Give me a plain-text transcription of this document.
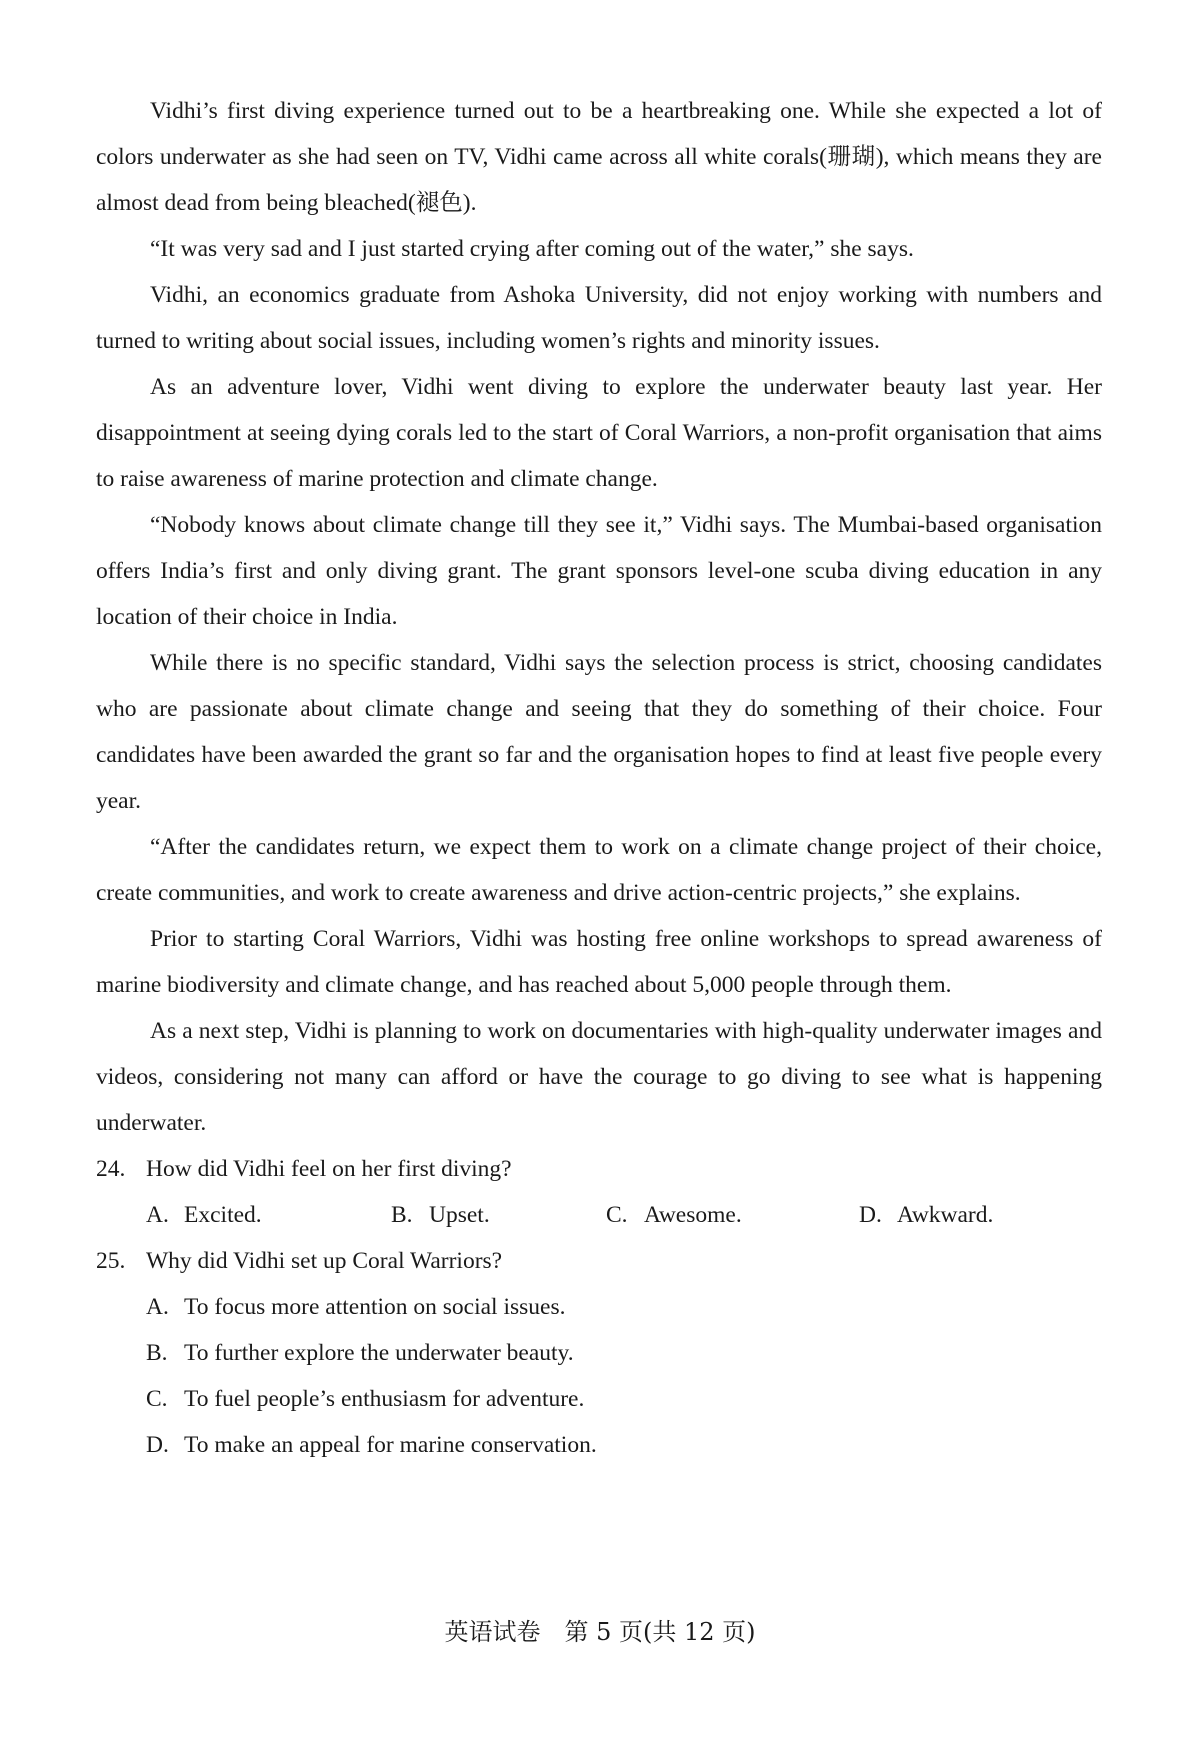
Vidhi’s first diving experience turned out to be a heartbreaking one. While she expected a lot of colors underwater as she had seen on TV, Vidhi came across all white corals(珊瑚), which means they are almost dead from being bleached(褪色).

“It was very sad and I just started crying after coming out of the water,” she says.

Vidhi, an economics graduate from Ashoka University, did not enjoy working with numbers and turned to writing about social issues, including women’s rights and minority issues.

As an adventure lover, Vidhi went diving to explore the underwater beauty last year. Her disappointment at seeing dying corals led to the start of Coral Warriors, a non-profit organisation that aims to raise awareness of marine protection and climate change.

“Nobody knows about climate change till they see it,” Vidhi says. The Mumbai-based organisation offers India’s first and only diving grant. The grant sponsors level-one scuba diving education in any location of their choice in India.

While there is no specific standard, Vidhi says the selection process is strict, choosing candidates who are passionate about climate change and seeing that they do something of their choice. Four candidates have been awarded the grant so far and the organisation hopes to find at least five people every year.

“After the candidates return, we expect them to work on a climate change project of their choice, create communities, and work to create awareness and drive action-centric projects,” she explains.

Prior to starting Coral Warriors, Vidhi was hosting free online workshops to spread awareness of marine biodiversity and climate change, and has reached about 5,000 people through them.

As a next step, Vidhi is planning to work on documentaries with high-quality underwater images and videos, considering not many can afford or have the courage to go diving to see what is happening underwater.

24. How did Vidhi feel on her first diving?

A. Excited.	B. Upset.	C. Awesome.	D. Awkward.

25. Why did Vidhi set up Coral Warriors?

A. To focus more attention on social issues.
B. To further explore the underwater beauty.
C. To fuel people’s enthusiasm for adventure.
D. To make an appeal for marine conservation.
英语试卷　第 5 页(共 12 页)
